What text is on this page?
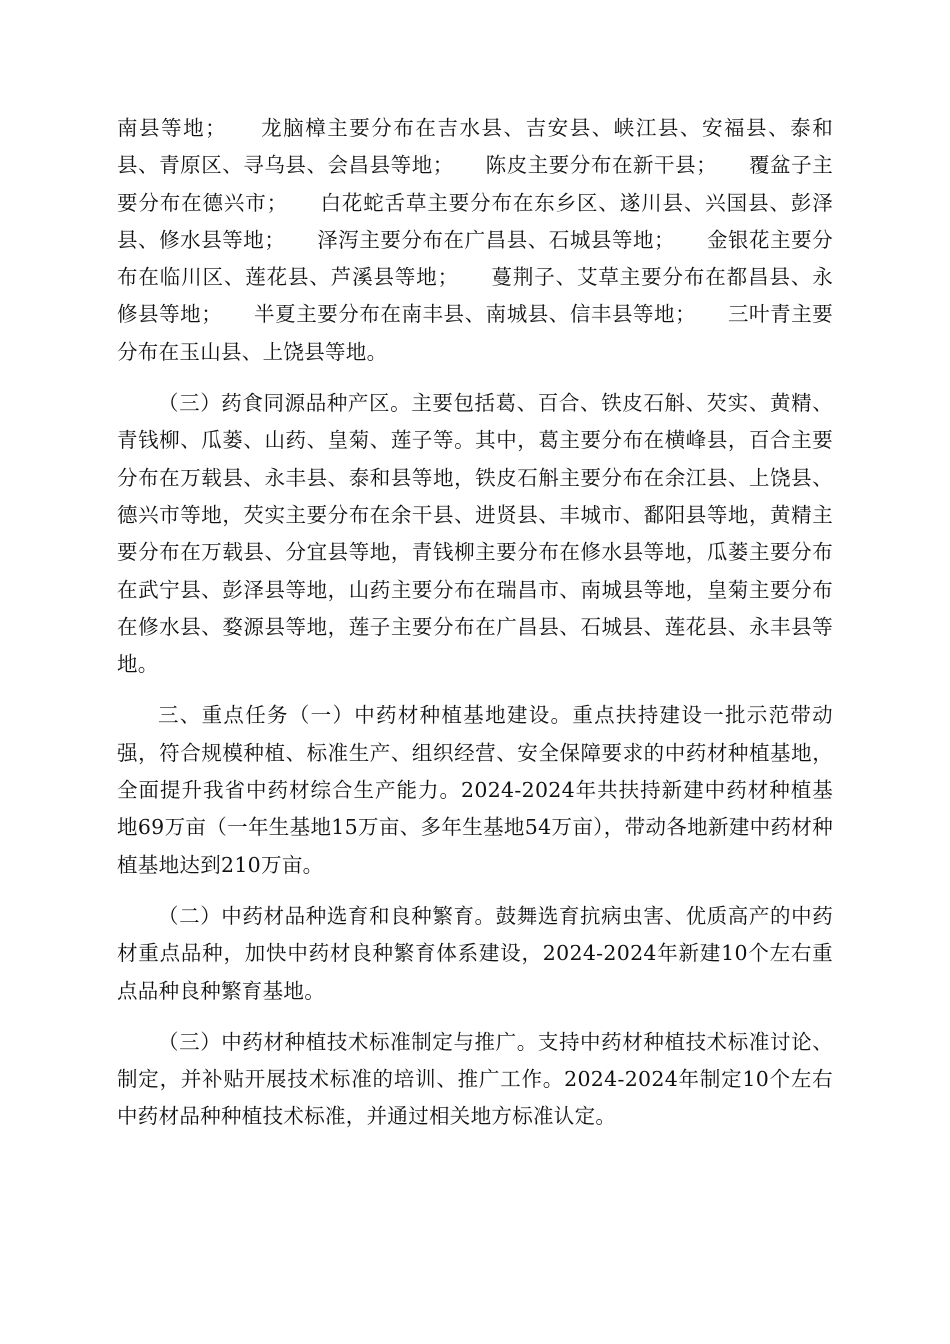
南县等地；　　龙脑樟主要分布在吉水县、吉安县、峡江县、安福县、泰和县、青原区、寻乌县、会昌县等地；　　陈皮主要分布在新干县；　　覆盆子主要分布在德兴市；　　白花蛇舌草主要分布在东乡区、遂川县、兴国县、彭泽县、修水县等地；　　泽泻主要分布在广昌县、石城县等地；　　金银花主要分布在临川区、莲花县、芦溪县等地；　　蔓荆子、艾草主要分布在都昌县、永修县等地；　　半夏主要分布在南丰县、南城县、信丰县等地；　　三叶青主要分布在玉山县、上饶县等地。

（三）药食同源品种产区。主要包括葛、百合、铁皮石斛、芡实、黄精、青钱柳、瓜蒌、山药、皇菊、莲子等。其中，葛主要分布在横峰县，百合主要分布在万载县、永丰县、泰和县等地，铁皮石斛主要分布在余江县、上饶县、德兴市等地，芡实主要分布在余干县、进贤县、丰城市、鄱阳县等地，黄精主要分布在万载县、分宜县等地，青钱柳主要分布在修水县等地，瓜蒌主要分布在武宁县、彭泽县等地，山药主要分布在瑞昌市、南城县等地，皇菊主要分布在修水县、婺源县等地，莲子主要分布在广昌县、石城县、莲花县、永丰县等地。

三、重点任务（一）中药材种植基地建设。重点扶持建设一批示范带动强，符合规模种植、标准生产、组织经营、安全保障要求的中药材种植基地，全面提升我省中药材综合生产能力。2024-2024年共扶持新建中药材种植基地69万亩（一年生基地15万亩、多年生基地54万亩），带动各地新建中药材种植基地达到210万亩。

（二）中药材品种选育和良种繁育。鼓舞选育抗病虫害、优质高产的中药材重点品种，加快中药材良种繁育体系建设，2024-2024年新建10个左右重点品种良种繁育基地。

（三）中药材种植技术标准制定与推广。支持中药材种植技术标准讨论、制定，并补贴开展技术标准的培训、推广工作。2024-2024年制定10个左右中药材品种种植技术标准，并通过相关地方标准认定。
